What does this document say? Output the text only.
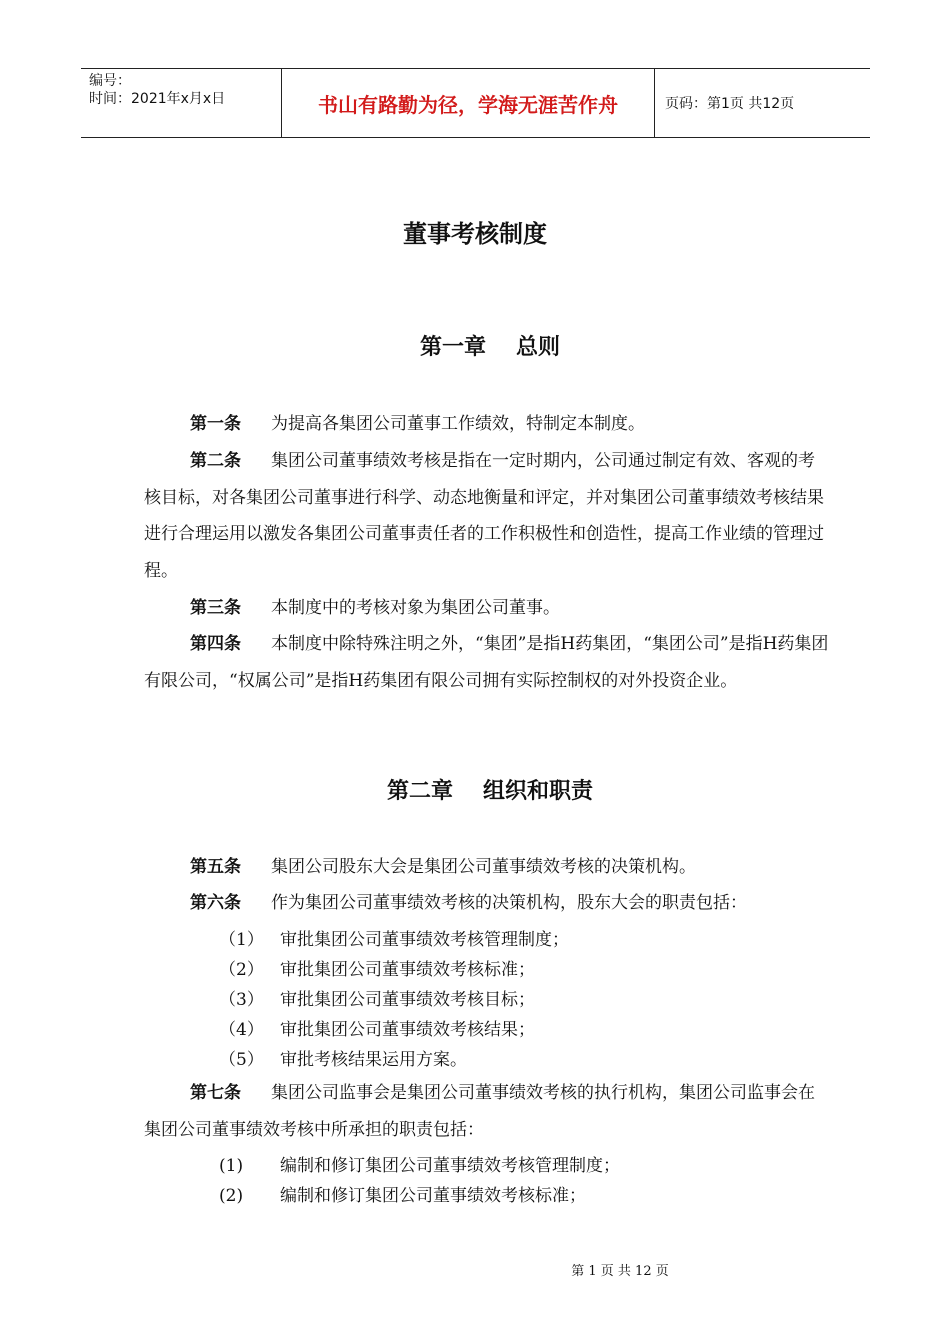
编号：
时间：2021年x月x日	书山有路勤为径，学海无涯苦作舟	页码：第1页 共12页
董事考核制度
第一章 总则
第一条 为提高各集团公司董事工作绩效，特制定本制度。
第二条 集团公司董事绩效考核是指在一定时期内，公司通过制定有效、客观的考核目标，对各集团公司董事进行科学、动态地衡量和评定，并对集团公司董事绩效考核结果进行合理运用以激发各集团公司董事责任者的工作积极性和创造性，提高工作业绩的管理过程。
第三条 本制度中的考核对象为集团公司董事。
第四条 本制度中除特殊注明之外，“集团”是指H药集团，“集团公司”是指H药集团有限公司，“权属公司”是指H药集团有限公司拥有实际控制权的对外投资企业。
第二章 组织和职责
第五条 集团公司股东大会是集团公司董事绩效考核的决策机构。
第六条 作为集团公司董事绩效考核的决策机构，股东大会的职责包括：
（1） 审批集团公司董事绩效考核管理制度；
（2） 审批集团公司董事绩效考核标准；
（3） 审批集团公司董事绩效考核目标；
（4） 审批集团公司董事绩效考核结果；
（5） 审批考核结果运用方案。
第七条 集团公司监事会是集团公司董事绩效考核的执行机构，集团公司监事会在集团公司董事绩效考核中所承担的职责包括：
(1) 编制和修订集团公司董事绩效考核管理制度；
(2) 编制和修订集团公司董事绩效考核标准；
第 1 页 共 12 页
